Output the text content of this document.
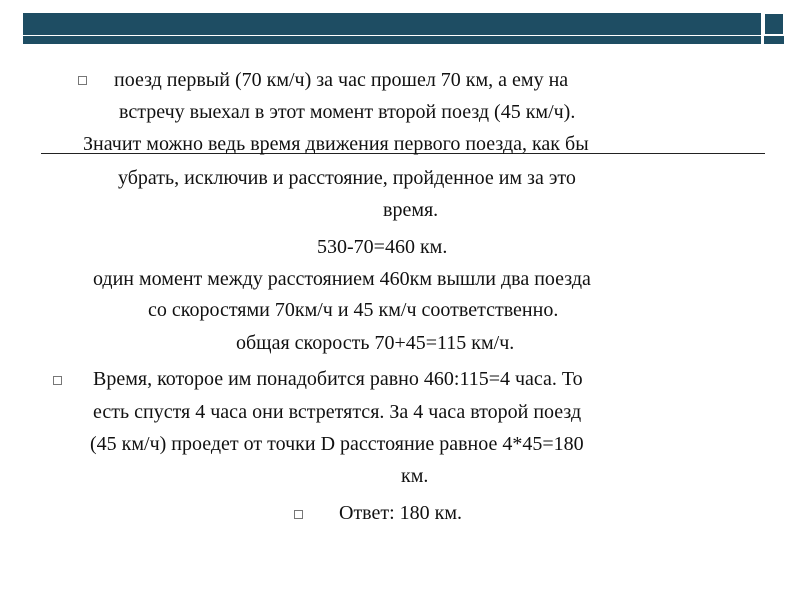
поезд первый (70 км/ч) за час прошел 70 км, а ему на
встречу выехал в этот момент второй поезд (45 км/ч).
Значит можно ведь время движения первого поезда, как бы
убрать, исключив и расстояние, пройденное им за это
время.
530-70=460 км.
один момент между расстоянием 460км вышли два поезда
со скоростями 70км/ч и 45 км/ч соответственно.
общая скорость 70+45=115 км/ч.
Время, которое им понадобится равно 460:115=4 часа. То
есть спустя 4 часа они встретятся. За 4 часа второй поезд
(45 км/ч) проедет от точки D расстояние равное 4*45=180
км.
Ответ: 180 км.
